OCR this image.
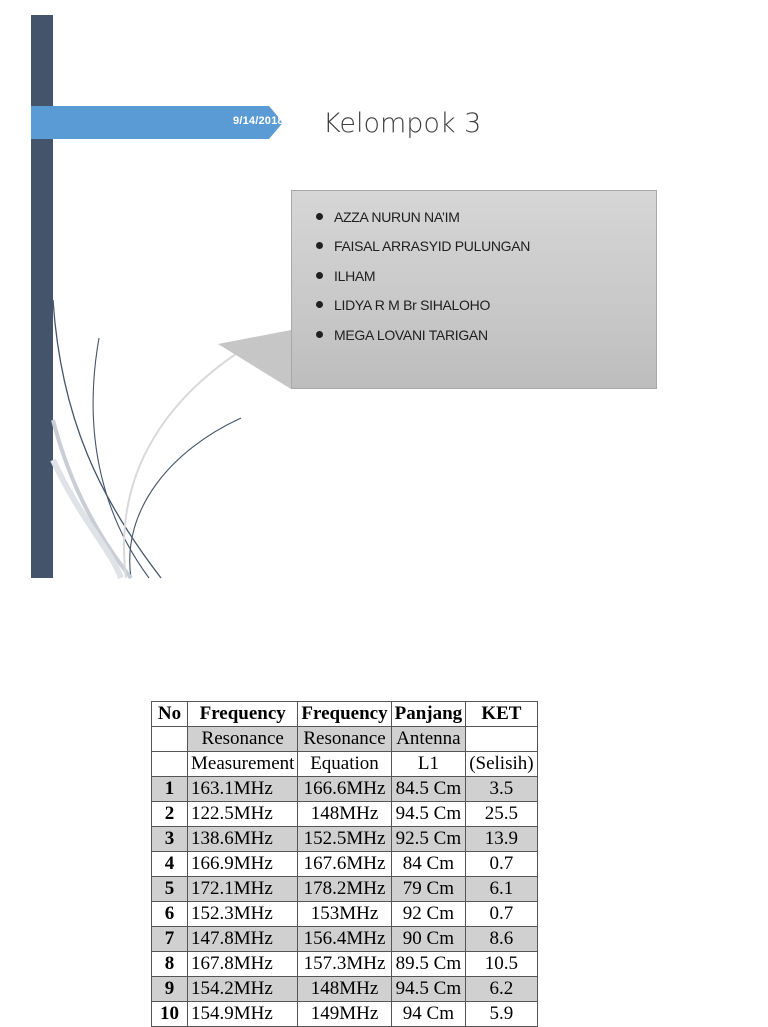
9/14/2018 Kelompok 3
AZZA NURUN NA’IM
FAISAL ARRASYID PULUNGAN
ILHAM
LIDYA R M Br SIHALOHO
MEGA LOVANI TARIGAN
No	Frequency	Frequency	Panjang	KET
	Resonance	Resonance	Antenna	
	Measurement	Equation	L1	(Selisih)
1	163.1MHz	166.6MHz	84.5 Cm	3.5
2	122.5MHz	148MHz	94.5 Cm	25.5
3	138.6MHz	152.5MHz	92.5 Cm	13.9
4	166.9MHz	167.6MHz	84 Cm	0.7
5	172.1MHz	178.2MHz	79 Cm	6.1
6	152.3MHz	153MHz	92 Cm	0.7
7	147.8MHz	156.4MHz	90 Cm	8.6
8	167.8MHz	157.3MHz	89.5 Cm	10.5
9	154.2MHz	148MHz	94.5 Cm	6.2
10	154.9MHz	149MHz	94 Cm	5.9
